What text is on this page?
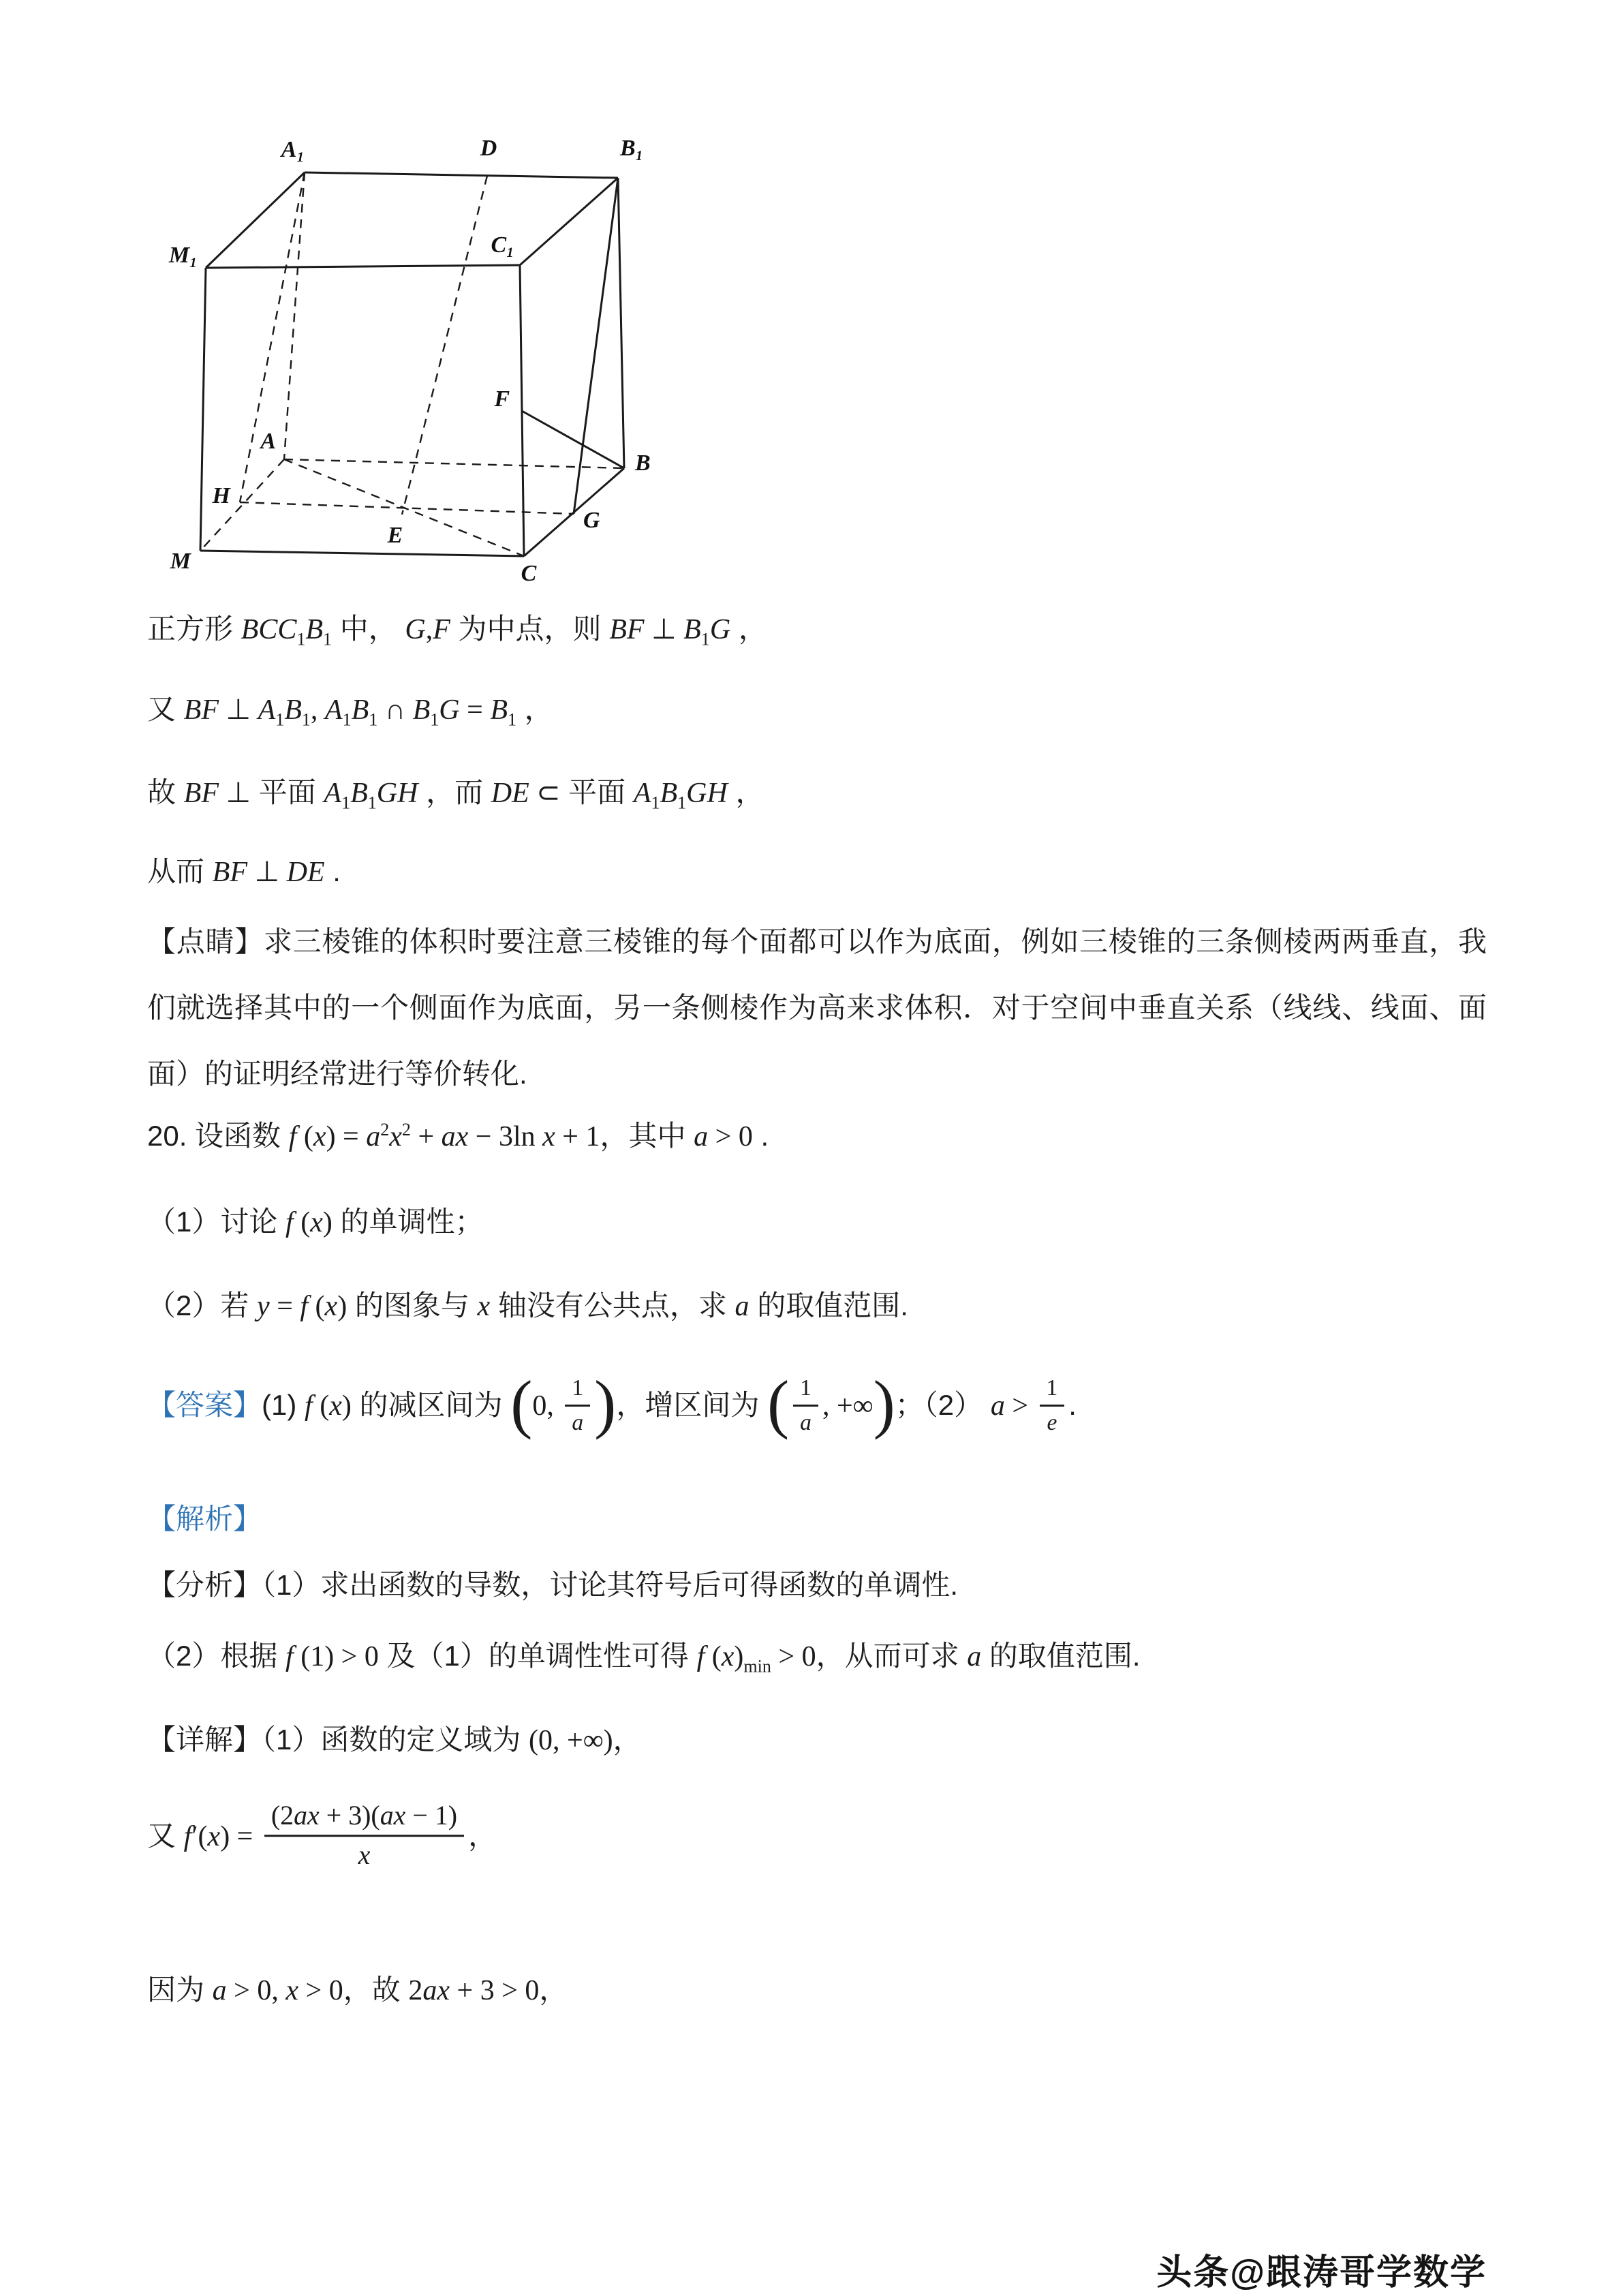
A₁	D	B₁
M₁	C₁
F
A
B
H
E
G
M	C

正方形 $BCC_1B_1$ 中， G,F 为中点，则 BF ⊥ $B_1G$ ，

又 BF ⊥ $A_1B_1$, $A_1B_1$ ∩ $B_1G = B_1$ ，

故 BF ⊥ 平面 $A_1B_1GH$ ，而 DE ⊂ 平面 $A_1B_1GH$ ，

从而 BF ⊥ DE .

【点睛】求三棱锥的体积时要注意三棱锥的每个面都可以作为底面，例如三棱锥的三条侧棱两两垂直，我们就选择其中的一个侧面作为底面，另一条侧棱作为高来求体积．对于空间中垂直关系（线线、线面、面面）的证明经常进行等价转化.

20. 设函数 f $(x) = a^2x^2$ + ax − 3ln x + 1，其中 a > 0 .

（1）讨论 f (x) 的单调性；

（2）若 y = f (x) 的图象与 x 轴没有公共点，求 a 的取值范围.

【答案】(1) f (x) 的减区间为 (0, $\frac{1}{a}$ )，增区间为 ( $\frac{1}{a}$ , +∞)；（2） $a > \frac{1}{e}$ .

【解析】

【分析】（1）求出函数的导数，讨论其符号后可得函数的单调性.

（2）根据 f (1) > 0 及（1）的单调性性可得 f $(x)_{min} > 0$，从而可求 a 的取值范围.

【详解】（1）函数的定义域为 (0, +∞)，

又 $f'(x) = \frac{(2ax + 3)(ax - 1)}{x}$ ，

因为 a > 0, x > 0，故 2ax + 3 > 0，

头条@跟涛哥学数学
